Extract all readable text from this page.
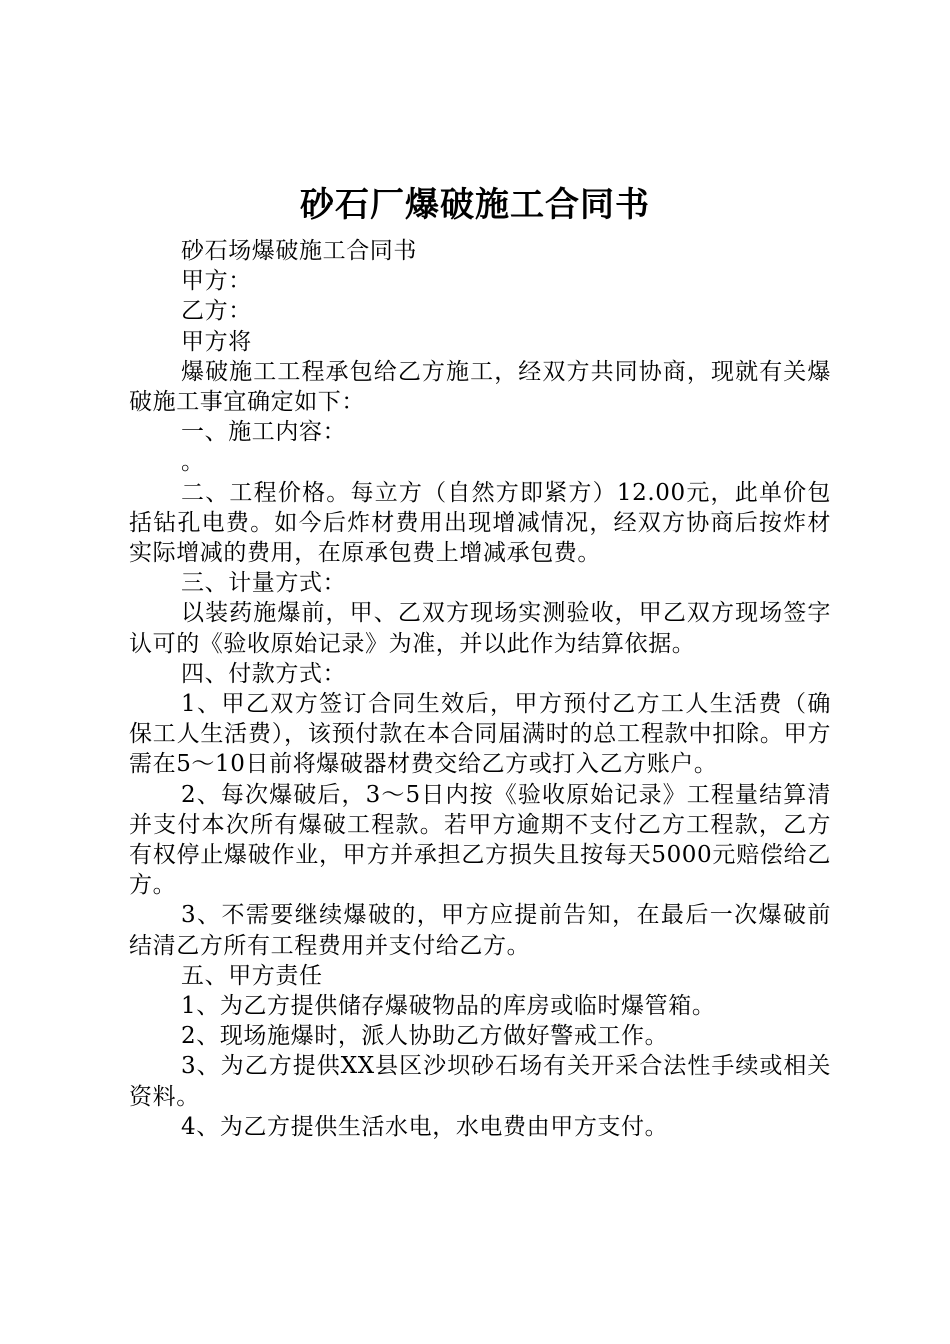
砂石厂爆破施工合同书

砂石场爆破施工合同书

甲方：

乙方：

甲方将

爆破施工工程承包给乙方施工，经双方共同协商，现就有关爆破施工事宜确定如下：

一、施工内容：

。

二、工程价格。每立方（自然方即紧方）12.00元，此单价包括钻孔电费。如今后炸材费用出现增减情况，经双方协商后按炸材实际增减的费用，在原承包费上增减承包费。

三、计量方式：

以装药施爆前，甲、乙双方现场实测验收，甲乙双方现场签字认可的《验收原始记录》为准，并以此作为结算依据。

四、付款方式：

1、甲乙双方签订合同生效后，甲方预付乙方工人生活费（确保工人生活费），该预付款在本合同届满时的总工程款中扣除。甲方需在5～10日前将爆破器材费交给乙方或打入乙方账户。

2、每次爆破后，3～5日内按《验收原始记录》工程量结算清并支付本次所有爆破工程款。若甲方逾期不支付乙方工程款，乙方有权停止爆破作业，甲方并承担乙方损失且按每天5000元赔偿给乙方。

3、不需要继续爆破的，甲方应提前告知，在最后一次爆破前结清乙方所有工程费用并支付给乙方。

五、甲方责任

1、为乙方提供储存爆破物品的库房或临时爆管箱。

2、现场施爆时，派人协助乙方做好警戒工作。

3、为乙方提供XX县区沙坝砂石场有关开采合法性手续或相关资料。

4、为乙方提供生活水电，水电费由甲方支付。
